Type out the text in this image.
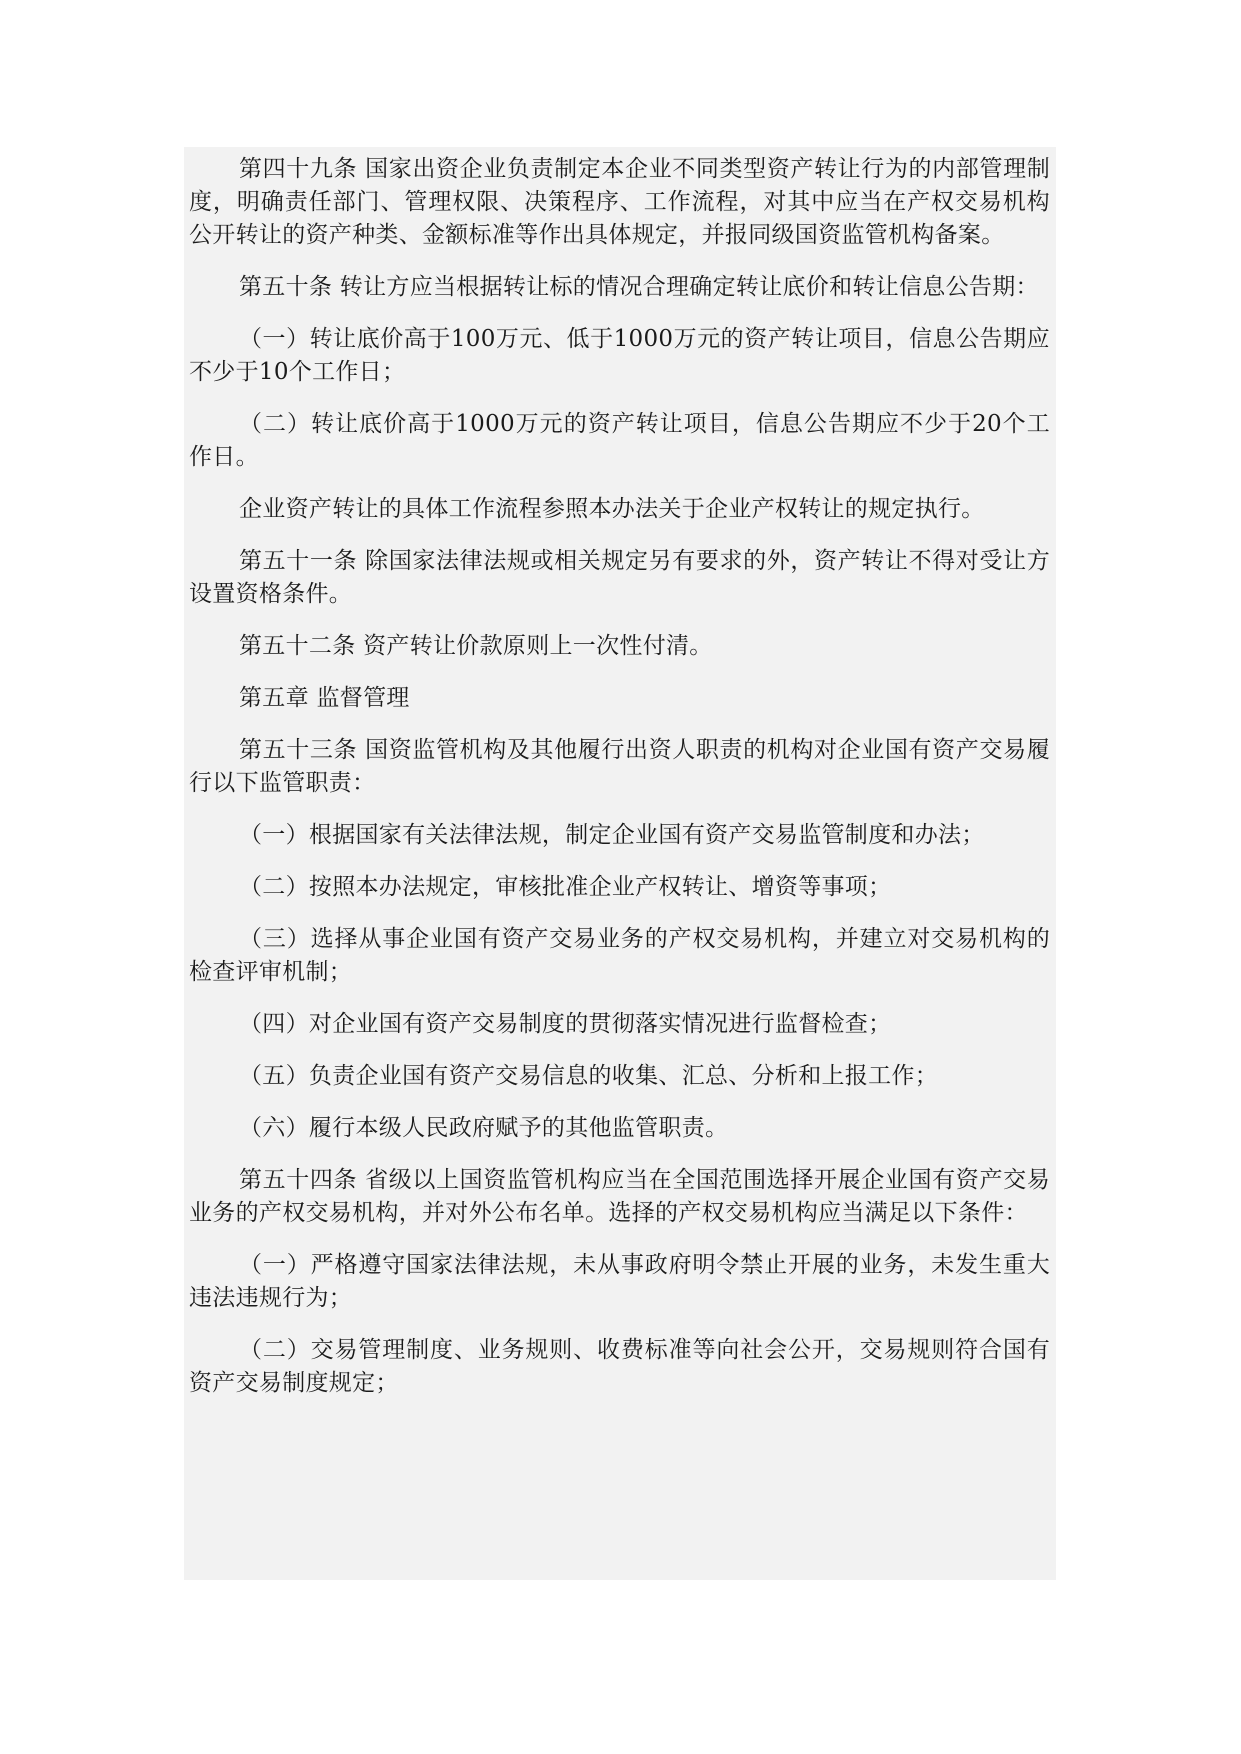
第四十九条 国家出资企业负责制定本企业不同类型资产转让行为的内部管理制度，明确责任部门、管理权限、决策程序、工作流程，对其中应当在产权交易机构公开转让的资产种类、金额标准等作出具体规定，并报同级国资监管机构备案。

第五十条 转让方应当根据转让标的情况合理确定转让底价和转让信息公告期：

（一）转让底价高于100万元、低于1000万元的资产转让项目，信息公告期应不少于10个工作日；

（二）转让底价高于1000万元的资产转让项目，信息公告期应不少于20个工作日。

企业资产转让的具体工作流程参照本办法关于企业产权转让的规定执行。

第五十一条 除国家法律法规或相关规定另有要求的外，资产转让不得对受让方设置资格条件。

第五十二条 资产转让价款原则上一次性付清。

第五章 监督管理

第五十三条 国资监管机构及其他履行出资人职责的机构对企业国有资产交易履行以下监管职责：

（一）根据国家有关法律法规，制定企业国有资产交易监管制度和办法；

（二）按照本办法规定，审核批准企业产权转让、增资等事项；

（三）选择从事企业国有资产交易业务的产权交易机构，并建立对交易机构的检查评审机制；

（四）对企业国有资产交易制度的贯彻落实情况进行监督检查；

（五）负责企业国有资产交易信息的收集、汇总、分析和上报工作；

（六）履行本级人民政府赋予的其他监管职责。

第五十四条 省级以上国资监管机构应当在全国范围选择开展企业国有资产交易业务的产权交易机构，并对外公布名单。选择的产权交易机构应当满足以下条件：

（一）严格遵守国家法律法规，未从事政府明令禁止开展的业务，未发生重大违法违规行为；

（二）交易管理制度、业务规则、收费标准等向社会公开，交易规则符合国有资产交易制度规定；
